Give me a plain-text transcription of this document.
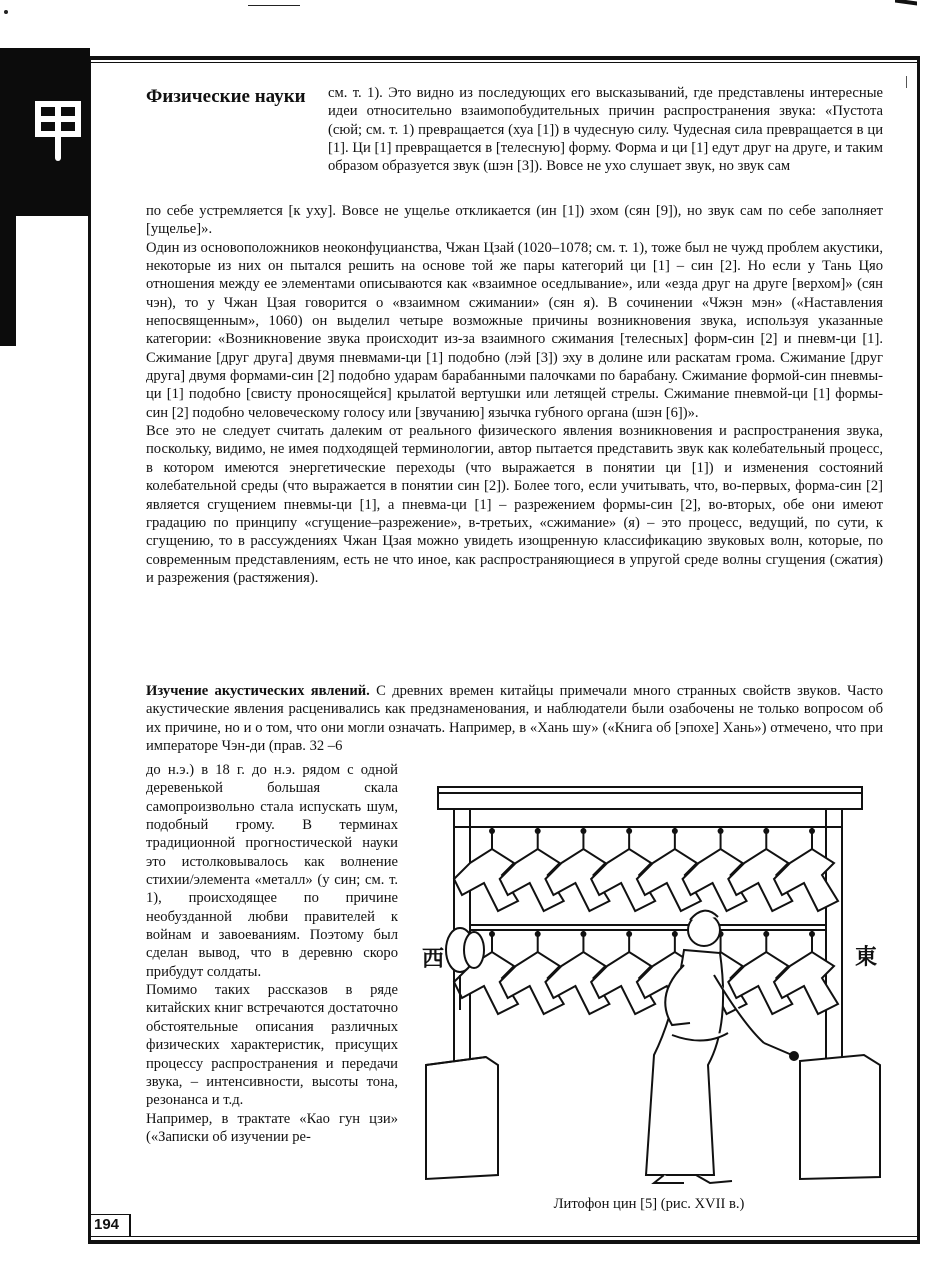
194
Физические науки см. т. 1). Это видно из последующих его высказываний, где представлены интересные идеи относительно взаимопобудительных причин распространения звука: «Пустота (сюй; см. т. 1) превращается (хуа [1]) в чудесную силу. Чудесная сила превращается в ци [1]. Ци [1] превращается в [телесную] форму. Форма и ци [1] едут друг на друге, и таким образом образуется звук (шэн [3]). Вовсе не ухо слушает звук, но звук сам

по себе устремляется [к уху]. Вовсе не ущелье откликается (ин [1]) эхом (сян [9]), но звук сам по себе заполняет [ущелье]».

Один из основоположников неоконфуцианства, Чжан Цзай (1020–1078; см. т. 1), тоже был не чужд проблем акустики, некоторые из них он пытался решить на основе той же пары категорий ци [1] – син [2]. Но если у Тань Цяо отношения между ее элементами описываются как «взаимное оседлывание», или «езда друг на друге [верхом]» (сян чэн), то у Чжан Цзая говорится о «взаимном сжимании» (сян я). В сочинении «Чжэн мэн» («Наставления непосвященным», 1060) он выделил четыре возможные причины возникновения звука, используя указанные категории: «Возникновение звука происходит из-за взаимного сжимания [телесных] форм-син [2] и пневм-ци [1]. Сжимание [друг друга] двумя пневмами-ци [1] подобно (лэй [3]) эху в долине или раскатам грома. Сжимание [друг друга] двумя формами-син [2] подобно ударам барабанными палочками по барабану. Сжимание формой-син пневмы-ци [1] подобно [свисту проносящейся] крылатой вертушки или летящей стрелы. Сжимание пневмой-ци [1] формы-син [2] подобно человеческому голосу или [звучанию] язычка губного органа (шэн [6])».

Все это не следует считать далеким от реального физического явления возникновения и распространения звука, поскольку, видимо, не имея подходящей терминологии, автор пытается представить звук как колебательный процесс, в котором имеются энергетические переходы (что выражается в понятии ци [1]) и изменения состояний колебательной среды (что выражается в понятии син [2]). Более того, если учитывать, что, во-первых, форма-син [2] является сгущением пневмы-ци [1], а пневма-ци [1] – разрежением формы-син [2], во-вторых, обе они имеют градацию по принципу «сгущение–разрежение», в-третьих, «сжимание» (я) – это процесс, ведущий, по сути, к сгущению, то в рассуждениях Чжан Цзая можно увидеть изощренную классификацию звуковых волн, которые, по современным представлениям, есть не что иное, как распространяющиеся в упругой среде волны сгущения (сжатия) и разрежения (растяжения).

Изучение акустических явлений. С древних времен китайцы примечали много странных свойств звуков. Часто акустические явления расценивались как предзнаменования, и наблюдатели были озабочены не только вопросом об их причине, но и о том, что они могли означать. Например, в «Хань шу» («Книга об [эпохе] Хань») отмечено, что при императоре Чэн-ди (прав. 32 –6

до н.э.) в 18 г. до н.э. рядом с одной деревенькой большая скала самопроизвольно стала испускать шум, подобный грому. В терминах традиционной прогностической науки это истолковывалось как волнение стихии/элемента «металл» (у син; см. т. 1), происходящее по причине необузданной любви правителей к войнам и завоеваниям. Поэтому был сделан вывод, что в деревню скоро прибудут солдаты.

Помимо таких рассказов в ряде китайских книг встречаются достаточно обстоятельные описания различных физических характеристик, присущих процессу распространения и передачи звука, – интенсивности, высоты тона, резонанса и т.д.

Например, в трактате «Као гун цзи» («Записки об изучении ре-

西	東
Литофон цин [5] (рис. XVII в.)
